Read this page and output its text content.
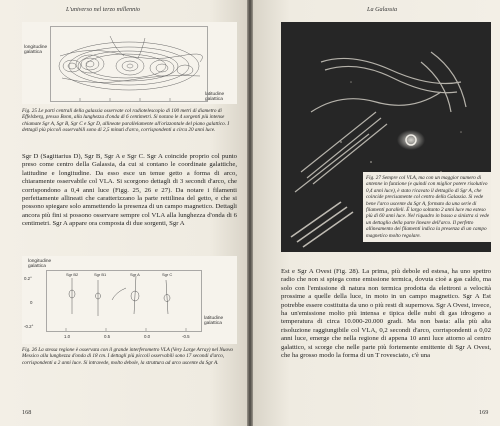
L'universo nel terzo millennio
longitudine galattica
latitudine galattica
Fig. 25 Le parti centrali della galassia osservate col radiotelescopio di 100 metri di diametro di Effelsberg, presso Bonn, alla lunghezza d'onda di 6 centimetri. Si notano le 4 sorgenti più intense chiamate Sgr A, Sgr B, Sgr C e Sgr D, allineate parallelamente all'orizzontale del piano galattico. I dettagli più piccoli osservabili sono di 2,5 minuti d'arco, corrispondenti a circa 20 anni luce.
Sgr D (Sagittarius D), Sgr B, Sgr A e Sgr C. Sgr A coincide proprio col punto preso come centro della Galassia, da cui si contano le coordinate galattiche, latitudine e longitudine. Da esso esce un tenue getto a forma di arco, chiaramente osservabile col VLA. Si scorgono dettagli di 3 secondi d'arco, che corrispondono a 0,4 anni luce (Figg. 25, 26 e 27). Da notare i filamenti perfettamente allineati che caratterizzano la parte rettilinea del getto, e che si possono spiegare solo ammettendo la presenza di un campo magnetico. Dettagli ancora più fini si possono osservare sempre col VLA alla lunghezza d'onda di 6 centimetri. Sgr A appare ora composta di due sorgenti, Sgr A
longitudine galattica
latitudine galattica
0.2°
0
-0.2°
Sgr B2	Sgr B1	Sgr A	Sgr C
1.0	0.5	0.0	-0.5
Fig. 26 La stessa regione è osservata con il grande interferometro VLA (Very Large Array) nel Nuovo Messico alla lunghezza d'onda di 18 cm. I dettagli più piccoli osservabili sono 17 secondi d'arco, corrispondenti a 2 anni luce. Si intravede, molto debole, la struttura ad arco uscente da Sgr A.
168
La Galassia
Fig. 27 Sempre col VLA, ma con un maggior numero di antenne in funzione (e quindi con miglior potere risolutivo 0,4 anni luce), è stato ricavato il dettaglio di Sgr A, che coincide precisamente col centro della Galassia. Si vede bene l'arco uscente da Sgr A, formato da una serie di filamenti paralleli. È largo soltanto 2 anni luce ma esteso più di 60 anni luce. Nel riquadro in basso a sinistra si vede un dettaglio della parte lineare dell'arco. Il perfetto allineamento dei filamenti indica la presenza di un campo magnetico molto regolare.
Est e Sgr A Ovest (Fig. 28). La prima, più debole ed estesa, ha uno spettro radio che non si spiega come emissione termica, dovuta cioè a gas caldo, ma solo con l'emissione di natura non termica prodotta da elettroni a velocità prossime a quelle della luce, in moto in un campo magnetico. Sgr A Est potrebbe essere costituita da uno o più resti di supernova. Sgr A Ovest, invece, ha un'emissione molto più intensa e tipica delle nubi di gas idrogeno a temperatura di circa 10.000-20.000 gradi. Ma non basta: alla più alta risoluzione raggiungibile col VLA, 0,2 secondi d'arco, corrispondenti a 0,02 anni luce, emerge che nella regione di appena 10 anni luce attorno al centro galattico, si scorge che nelle parte più fortemente emittente di Sgr A Ovest, che ha grosso modo la forma di un T rovesciato, c'è una
169
